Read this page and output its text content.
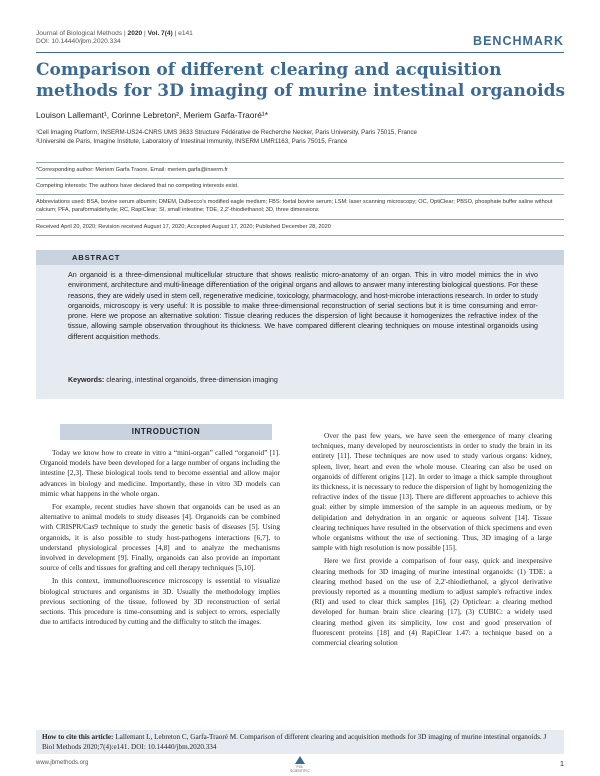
Journal of Biological Methods | 2020 | Vol. 7(4) | e141
DOI: 10.14440/jbm.2020.334	BENCHMARK
Comparison of different clearing and acquisition methods for 3D imaging of murine intestinal organoids
Louison Lallemant¹, Corinne Lebreton², Meriem Garfa-Traoré¹*
¹Cell Imaging Platform, INSERM-US24-CNRS UMS 3633 Structure Fédérative de Recherche Necker, Paris University, Paris 75015, France
²Université de Paris, Imagine Institute, Laboratory of Intestinal Immunity, INSERM UMR1163, Paris 75015, France
*Corresponding author: Meriem Garfa Traore, Email: meriem.garfa@inserm.fr
Competing interests: The authors have declared that no competing interests exist.
Abbreviations used: BSA, bovine serum albumin; DMEM, Dulbecco's modified eagle medium; FBS: foetal bovine serum; LSM: laser scanning microscopy; OC, OptiClear; PBSO, phosphate buffer saline without calcium; PFA, paraformaldehyde; RC, RapiClear; SI, small intestine; TDE, 2,2'-thiodiethanol; 3D, three dimensions
Received April 20, 2020; Revision received August 17, 2020; Accepted August 17, 2020; Published December 28, 2020
ABSTRACT
An organoid is a three-dimensional multicellular structure that shows realistic micro-anatomy of an organ. This in vitro model mimics the in vivo environment, architecture and multi-lineage differentiation of the original organs and allows to answer many interesting biological questions. For these reasons, they are widely used in stem cell, regenerative medicine, toxicology, pharmacology, and host-microbe interactions research. In order to study organoids, microscopy is very useful: It is possible to make three-dimensional reconstruction of serial sections but it is time consuming and error-prone. Here we propose an alternative solution: Tissue clearing reduces the dispersion of light because it homogenizes the refractive index of the tissue, allowing sample observation throughout its thickness. We have compared different clearing techniques on mouse intestinal organoids using different acquisition methods.
Keywords: clearing, intestinal organoids, three-dimension imaging
INTRODUCTION

Today we know how to create in vitro a “mini-organ” called “organoid” [1]. Organoid models have been developed for a large number of organs including the intestine [2,3]. These biological tools tend to become essential and allow major advances in biology and medicine. Importantly, these in vitro 3D models can mimic what happens in the whole organ.

For example, recent studies have shown that organoids can be used as an alternative to animal models to study diseases [4]. Organoids can be combined with CRISPR/Cas9 technique to study the genetic basis of diseases [5]. Using organoids, it is also possible to study host-pathogens interactions [6,7], to understand physiological processes [4,8] and to analyze the mechanisms involved in development [9]. Finally, organoids can also provide an important source of cells and tissues for grafting and cell therapy techniques [5,10].

In this context, immunofluorescence microscopy is essential to visualize biological structures and organisms in 3D. Usually the methodology implies previous sectioning of the tissue, followed by 3D reconstruction of serial sections. This procedure is time-consuming and is subject to errors, especially due to artifacts introduced by cutting and the difficulty to stitch the images.

Over the past few years, we have seen the emergence of many clearing techniques, many developed by neuroscientists in order to study the brain in its entirety [11]. These techniques are now used to study various organs: kidney, spleen, liver, heart and even the whole mouse. Clearing can also be used on organoids of different origins [12]. In order to image a thick sample throughout its thickness, it is necessary to reduce the dispersion of light by homogenizing the refractive index of the tissue [13]. There are different approaches to achieve this goal: either by simple immersion of the sample in an aqueous medium, or by delipidation and dehydration in an organic or aqueous solvent [14]. Tissue clearing techniques have resulted in the observation of thick specimens and even whole organisms without the use of sectioning. Thus, 3D imaging of a large sample with high resolution is now possible [15].

Here we first provide a comparison of four easy, quick and inexpensive clearing methods for 3D imaging of murine intestinal organoids: (1) TDE: a clearing method based on the use of 2,2'-thiodiethanol, a glycol derivative previously reported as a mounting medium to adjust sample's refractive index (RI) and used to clear thick samples [16], (2) Opticlear: a clearing method developed for human brain slice clearing [17], (3) CUBIC: a widely used clearing method given its simplicity, low cost and good preservation of fluorescent proteins [18] and (4) RapiClear 1.47: a technique based on a commercial clearing solution

How to cite this article: Lallemant L, Lebreton C, Garfa-Traoré M. Comparison of different clearing and acquisition methods for 3D imaging of murine intestinal organoids. J Biol Methods 2020;7(4):e141. DOI: 10.14440/jbm.2020.334
www.jbmethods.org
POL SCIENTIFIC
1
